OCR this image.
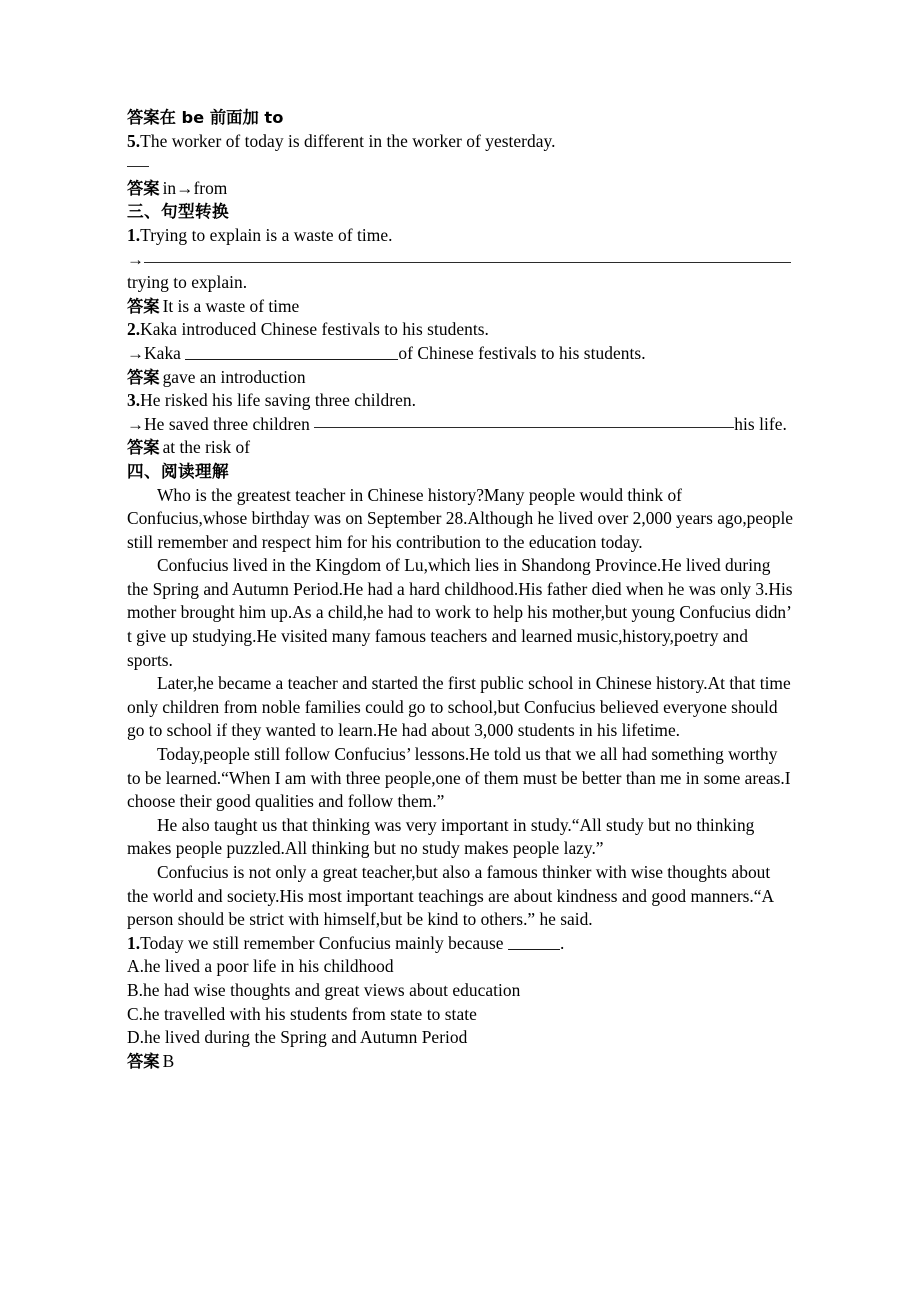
答案在 be 前面加 to
5.The worker of today is different in the worker of yesterday.
答案 in→from
三、句型转换
1.Trying to explain is a waste of time.
→trying to explain.
答案 It is a waste of time
2.Kaka introduced Chinese festivals to his students.
→Kaka	of Chinese festivals to his students.
答案 gave an introduction
3.He risked his life saving three children.
→He saved three children	his life.
答案 at the risk of
四、阅读理解

Who is the greatest teacher in Chinese history?Many people would think of Confucius,whose birthday was on September 28.Although he lived over 2,000 years ago,people still remember and respect him for his contribution to the education today.

Confucius lived in the Kingdom of Lu,which lies in Shandong Province.He lived during the Spring and Autumn Period.He had a hard childhood.His father died when he was only 3.His mother brought him up.As a child,he had to work to help his mother,but young Confucius didn’ t give up studying.He visited many famous teachers and learned music,history,poetry and sports.

Later,he became a teacher and started the first public school in Chinese history.At that time only children from noble families could go to school,but Confucius believed everyone should go to school if they wanted to learn.He had about 3,000 students in his lifetime.

Today,people still follow Confucius’ lessons.He told us that we all had something worthy to be learned.“When I am with three people,one of them must be better than me in some areas.I choose their good qualities and follow them.”

He also taught us that thinking was very important in study.“All study but no thinking makes people puzzled.All thinking but no study makes people lazy.”

Confucius is not only a great teacher,but also a famous thinker with wise thoughts about the world and society.His most important teachings are about kindness and good manners.“A person should be strict with himself,but be kind to others.” he said.

1.Today we still remember Confucius mainly because	.
A.he lived a poor life in his childhood
B.he had wise thoughts and great views about education
C.he travelled with his students from state to state
D.he lived during the Spring and Autumn Period
答案 B
